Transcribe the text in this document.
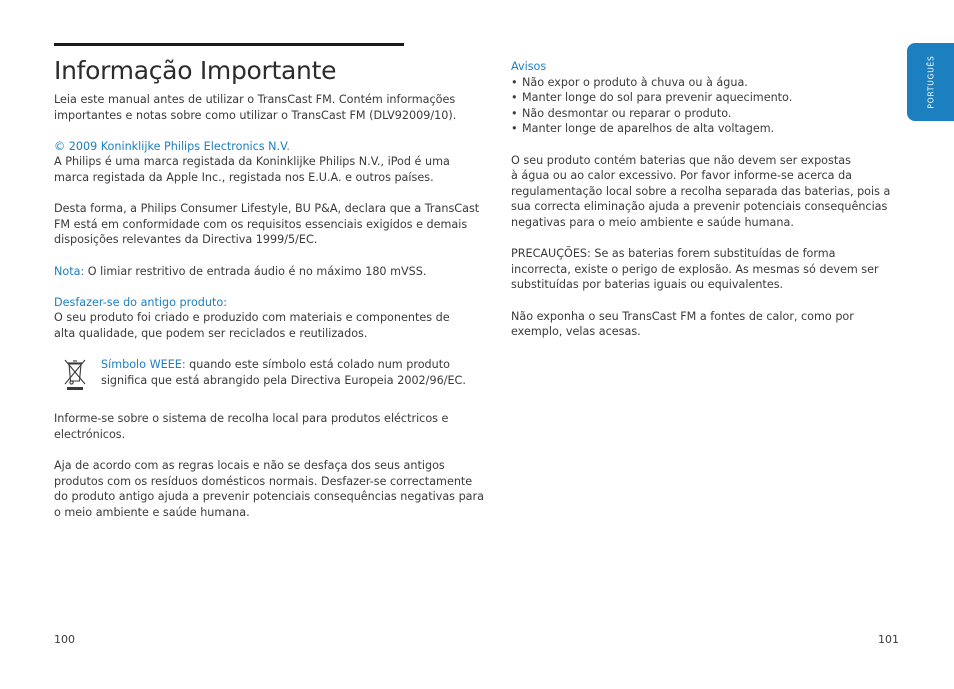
Informação Importante

Leia este manual antes de utilizar o TransCast FM. Contém informações
importantes e notas sobre como utilizar o TransCast FM (DLV92009/10).

© 2009 Koninklijke Philips Electronics N.V.
A Philips é uma marca registada da Koninklijke Philips N.V., iPod é uma
marca registada da Apple Inc., registada nos E.U.A. e outros países.

Desta forma, a Philips Consumer Lifestyle, BU P&A, declara que a TransCast
FM está em conformidade com os requisitos essenciais exigidos e demais
disposições relevantes da Directiva 1999/5/EC.

Nota: O limiar restritivo de entrada áudio é no máximo 180 mVSS.

Desfazer-se do antigo produto:
O seu produto foi criado e produzido com materiais e componentes de
alta qualidade, que podem ser reciclados e reutilizados.
Símbolo WEEE: quando este símbolo está colado num produto
significa que está abrangido pela Directiva Europeia 2002/96/EC.

Informe-se sobre o sistema de recolha local para produtos eléctricos e
electrónicos.

Aja de acordo com as regras locais e não se desfaça dos seus antigos
produtos com os resíduos domésticos normais. Desfazer-se correctamente
do produto antigo ajuda a prevenir potenciais consequências negativas para
o meio ambiente e saúde humana.

100
Avisos
• Não expor o produto à chuva ou à água.
• Manter longe do sol para prevenir aquecimento.
• Não desmontar ou reparar o produto.
• Manter longe de aparelhos de alta voltagem.

O seu produto contém baterias que não devem ser expostas
à água ou ao calor excessivo. Por favor informe-se acerca da
regulamentação local sobre a recolha separada das baterias, pois a
sua correcta eliminação ajuda a prevenir potenciais consequências
negativas para o meio ambiente e saúde humana.

PRECAUÇÕES: Se as baterias forem substituídas de forma
incorrecta, existe o perigo de explosão. As mesmas só devem ser
substituídas por baterias iguais ou equivalentes.

Não exponha o seu TransCast FM a fontes de calor, como por
exemplo, velas acesas.

PORTUGUÊS
101
